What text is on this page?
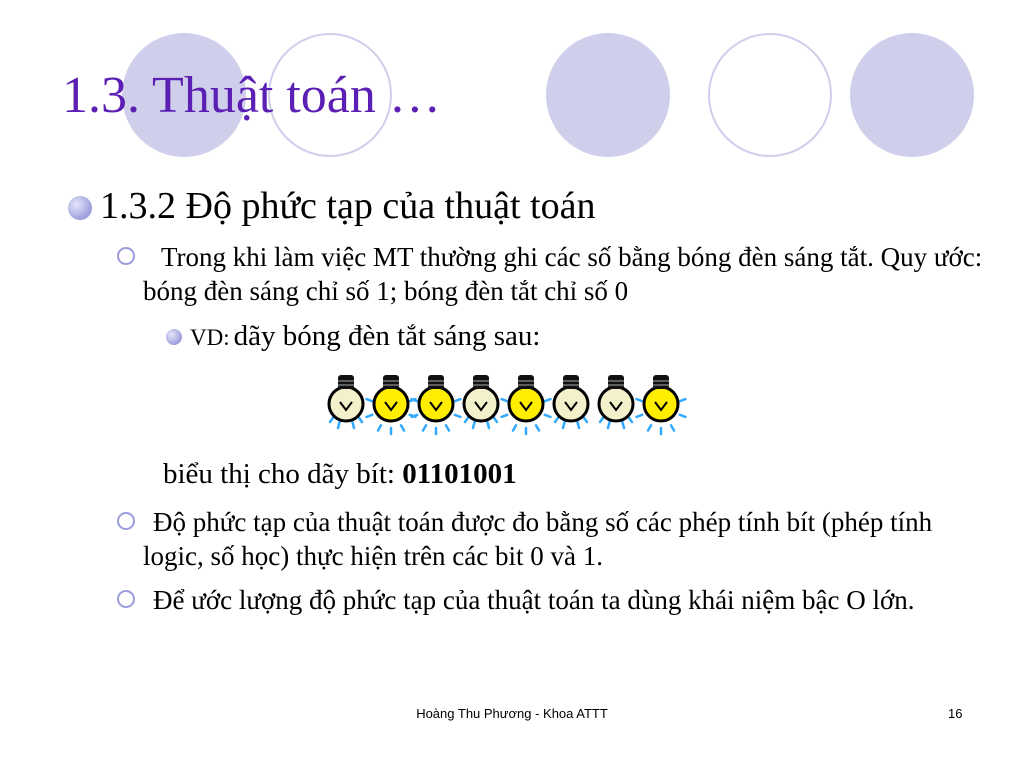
1.3. Thuật toán …
1.3.2 Độ phức tạp của thuật toán
Trong khi làm việc MT thường ghi các số bằng bóng đèn sáng tắt. Quy ước: bóng đèn sáng chỉ số 1; bóng đèn tắt chỉ số 0
VD: dãy bóng đèn tắt sáng sau:
biểu thị cho dãy bít: 01101001
Độ phức tạp của thuật toán được đo bằng số các phép tính bít (phép tính logic, số học) thực hiện trên các bit 0 và 1.
Để ước lượng độ phức tạp của thuật toán ta dùng khái niệm bậc O lớn.
Hoàng Thu Phương - Khoa ATTT	16
